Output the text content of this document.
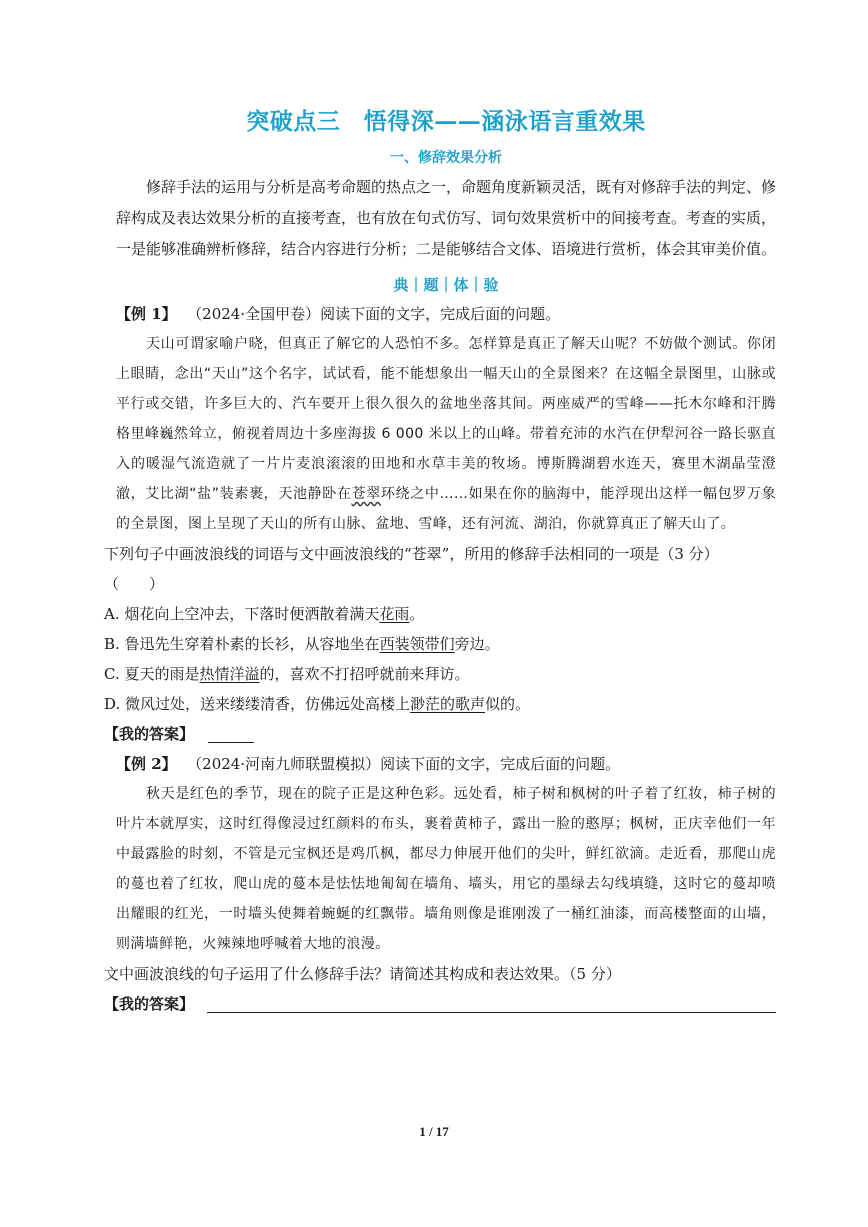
突破点三　悟得深——涵泳语言重效果
一、修辞效果分析

修辞手法的运用与分析是高考命题的热点之一，命题角度新颖灵活，既有对修辞手法的判定、修辞构成及表达效果分析的直接考查，也有放在句式仿写、词句效果赏析中的间接考查。考查的实质，一是能够准确辨析修辞，结合内容进行分析；二是能够结合文体、语境进行赏析，体会其审美价值。

典｜题｜体｜验

【例 1】 （2024·全国甲卷）阅读下面的文字，完成后面的问题。

天山可谓家喻户晓，但真正了解它的人恐怕不多。怎样算是真正了解天山呢？不妨做个测试。你闭上眼睛，念出“天山”这个名字，试试看，能不能想象出一幅天山的全景图来？在这幅全景图里，山脉或平行或交错，许多巨大的、汽车要开上很久很久的盆地坐落其间。两座威严的雪峰——托木尔峰和汗腾格里峰巍然耸立，俯视着周边十多座海拔 6 000 米以上的山峰。带着充沛的水汽在伊犁河谷一路长驱直入的暖湿气流造就了一片片麦浪滚滚的田地和水草丰美的牧场。博斯腾湖碧水连天，赛里木湖晶莹澄澈，艾比湖“盐”装素裹，天池静卧在苍翠环绕之中……如果在你的脑海中，能浮现出这样一幅包罗万象的全景图，图上呈现了天山的所有山脉、盆地、雪峰，还有河流、湖泊，你就算真正了解天山了。

下列句子中画波浪线的词语与文中画波浪线的“苍翠”，所用的修辞手法相同的一项是（3 分）
（　　）

A. 烟花向上空冲去，下落时便洒散着满天花雨。

B. 鲁迅先生穿着朴素的长衫，从容地坐在西装领带们旁边。

C. 夏天的雨是热情洋溢的，喜欢不打招呼就前来拜访。

D. 微风过处，送来缕缕清香，仿佛远处高楼上渺茫的歌声似的。

【我的答案】

【例 2】 （2024·河南九师联盟模拟）阅读下面的文字，完成后面的问题。

秋天是红色的季节，现在的院子正是这种色彩。远处看，柿子树和枫树的叶子着了红妆，柿子树的叶片本就厚实，这时红得像浸过红颜料的布头，裹着黄柿子，露出一脸的憨厚；枫树，正庆幸他们一年中最露脸的时刻，不管是元宝枫还是鸡爪枫，都尽力伸展开他们的尖叶，鲜红欲滴。走近看，那爬山虎的蔓也着了红妆，爬山虎的蔓本是怯怯地匍匐在墙角、墙头，用它的墨绿去勾线填缝，这时它的蔓却喷出耀眼的红光，一时墙头使舞着蜿蜒的红飘带。墙角则像是谁刚泼了一桶红油漆，而高楼整面的山墙，则满墙鲜艳，火辣辣地呼喊着大地的浪漫。

文中画波浪线的句子运用了什么修辞手法？请简述其构成和表达效果。（5 分）

【我的答案】
1 / 17
